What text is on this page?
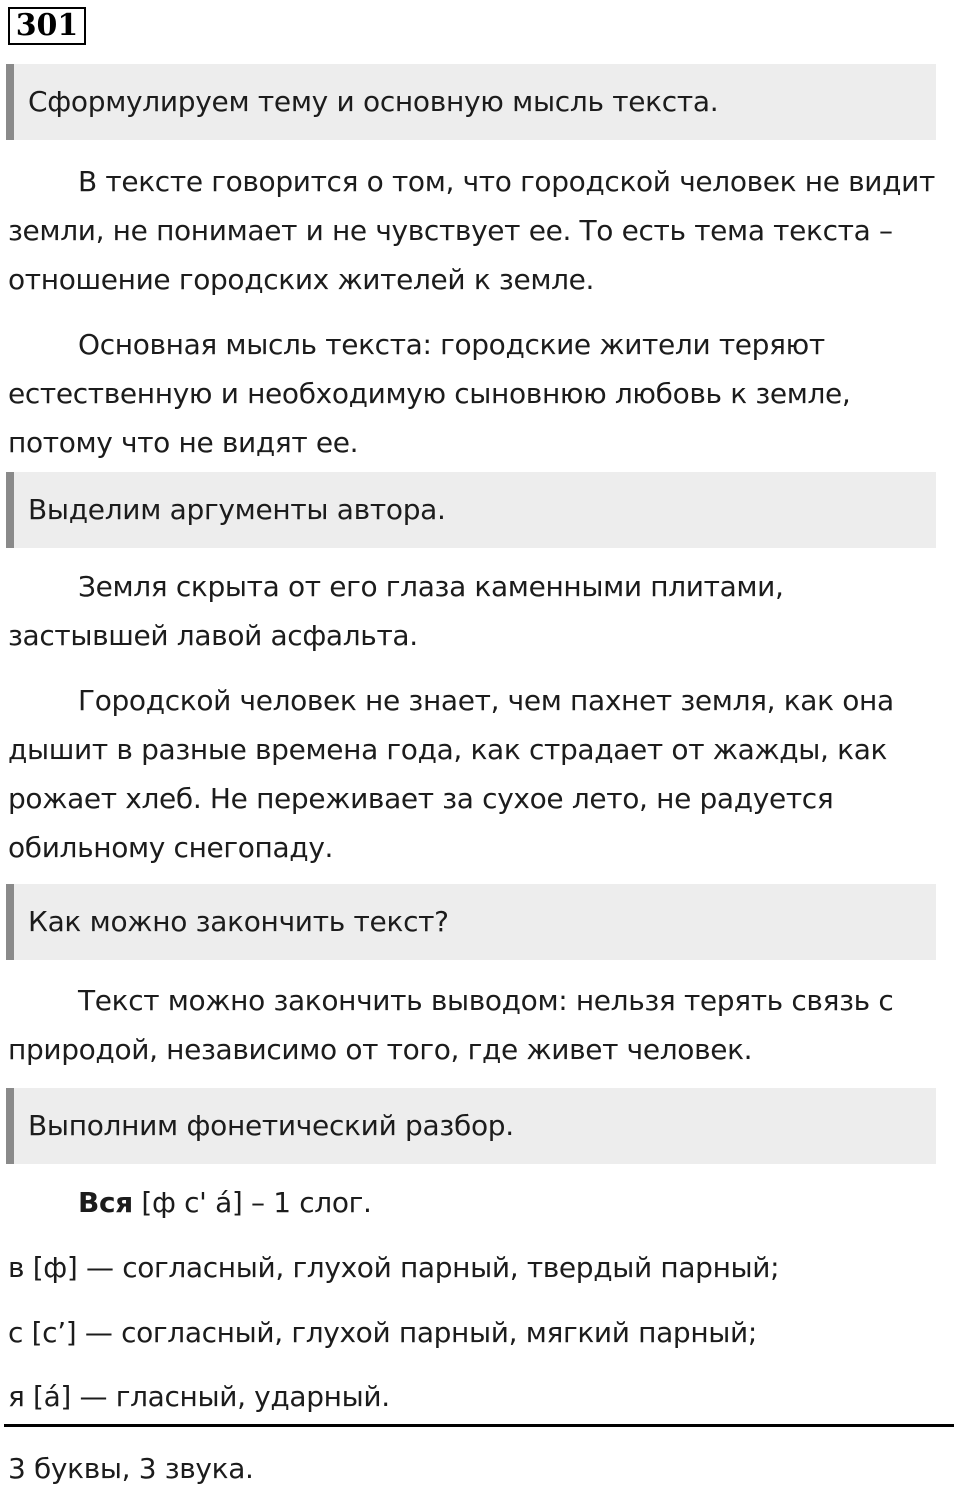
301
Сформулируем тему и основную мысль текста.

В тексте говорится о том, что городской человек не видит земли, не понимает и не чувствует ее. То есть тема текста – отношение городских жителей к земле.

Основная мысль текста: городские жители теряют естественную и необходимую сыновнюю любовь к земле, потому что не видят ее.

Выделим аргументы автора.

Земля скрыта от его глаза каменными плитами, застывшей лавой асфальта.

Городской человек не знает, чем пахнет земля, как она дышит в разные времена года, как страдает от жажды, как рожает хлеб. Не переживает за сухое лето, не радуется обильному снегопаду.

Как можно закончить текст?

Текст можно закончить выводом: нельзя терять связь с природой, независимо от того, где живет человек.

Выполним фонетический разбор.
Вся [ф с' а́] – 1 слог.
в [ф] — согласный, глухой парный, твердый парный;
с [с’] — согласный, глухой парный, мягкий парный;
я [а́] — гласный, ударный.
3 буквы, 3 звука.
